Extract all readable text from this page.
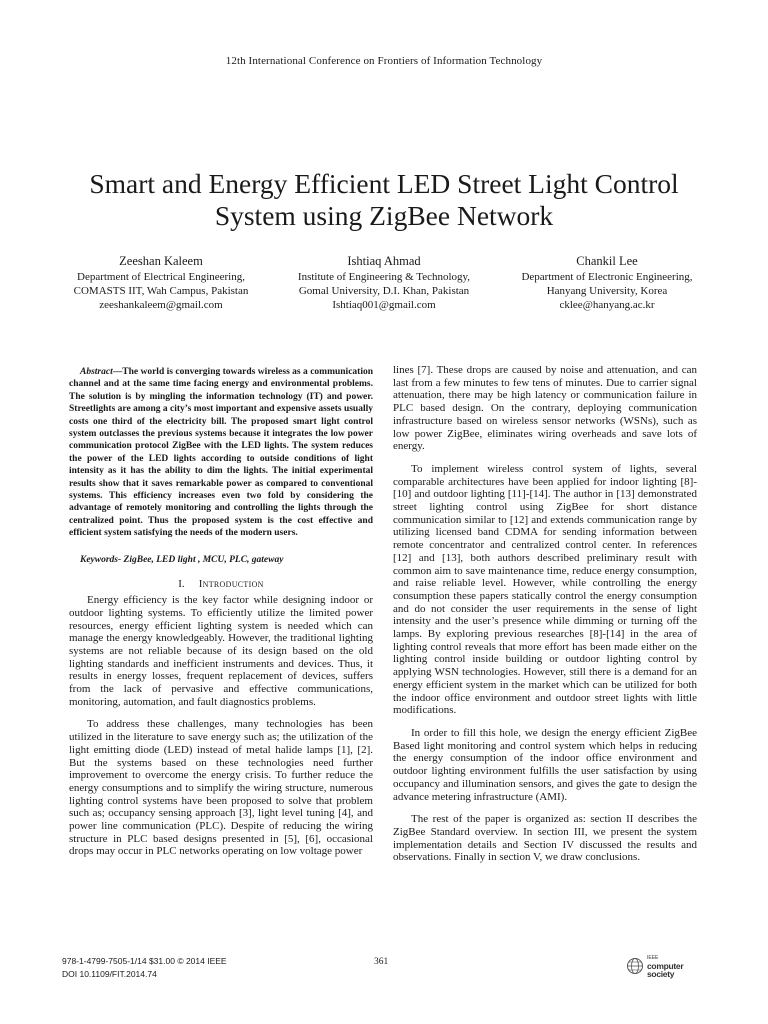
12th International Conference on Frontiers of Information Technology
Smart and Energy Efficient LED Street Light Control
System using ZigBee Network
Zeeshan Kaleem
Department of Electrical Engineering,
COMASTS IIT, Wah Campus, Pakistan
zeeshankaleem@gmail.com
Ishtiaq Ahmad
Institute of Engineering & Technology,
Gomal University, D.I. Khan, Pakistan
Ishtiaq001@gmail.com
Chankil Lee
Department of Electronic Engineering,
Hanyang University, Korea
cklee@hanyang.ac.kr

Abstract—The world is converging towards wireless as a communication channel and at the same time facing energy and environmental problems. The solution is by mingling the information technology (IT) and power. Streetlights are among a city’s most important and expensive assets usually costs one third of the electricity bill. The proposed smart light control system outclasses the previous systems because it integrates the low power communication protocol ZigBee with the LED lights. The system reduces the power of the LED lights according to outside conditions of light intensity as it has the ability to dim the lights. The initial experimental results show that it saves remarkable power as compared to conventional systems. This efficiency increases even two fold by considering the advantage of remotely monitoring and controlling the lights through the centralized point. Thus the proposed system is the cost effective and efficient system satisfying the needs of the modern users.

Keywords- ZigBee, LED light , MCU, PLC, gateway

I. Introduction

Energy efficiency is the key factor while designing indoor or outdoor lighting systems. To efficiently utilize the limited power resources, energy efficient lighting system is needed which can manage the energy knowledgeably. However, the traditional lighting systems are not reliable because of its design based on the old lighting standards and inefficient instruments and devices. Thus, it results in energy losses, frequent replacement of devices, suffers from the lack of pervasive and effective communications, monitoring, automation, and fault diagnostics problems.

To address these challenges, many technologies has been utilized in the literature to save energy such as; the utilization of the light emitting diode (LED) instead of metal halide lamps [1], [2]. But the systems based on these technologies need further improvement to overcome the energy crisis. To further reduce the energy consumptions and to simplify the wiring structure, numerous lighting control systems have been proposed to solve that problem such as; occupancy sensing approach [3], light level tuning [4], and power line communication (PLC). Despite of reducing the wiring structure in PLC based designs presented in [5], [6], occasional drops may occur in PLC networks operating on low voltage power

lines [7]. These drops are caused by noise and attenuation, and can last from a few minutes to few tens of minutes. Due to carrier signal attenuation, there may be high latency or communication failure in PLC based design. On the contrary, deploying communication infrastructure based on wireless sensor networks (WSNs), such as low power ZigBee, eliminates wiring overheads and save lots of energy.

To implement wireless control system of lights, several comparable architectures have been applied for indoor lighting [8]-[10] and outdoor lighting [11]-[14]. The author in [13] demonstrated street lighting control using ZigBee for short distance communication similar to [12] and extends communication range by utilizing licensed band CDMA for sending information between remote concentrator and centralized control center. In references [12] and [13], both authors described preliminary result with common aim to save maintenance time, reduce energy consumption, and raise reliable level. However, while controlling the energy consumption these papers statically control the energy consumption and do not consider the user requirements in the sense of light intensity and the user’s presence while dimming or turning off the lamps. By exploring previous researches [8]-[14] in the area of lighting control reveals that more effort has been made either on the lighting control inside building or outdoor lighting control by applying WSN technologies. However, still there is a demand for an energy efficient system in the market which can be utilized for both the indoor office environment and outdoor street lights with little modifications.

In order to fill this hole, we design the energy efficient ZigBee Based light monitoring and control system which helps in reducing the energy consumption of the indoor office environment and outdoor lighting environment fulfills the user satisfaction by using occupancy and illumination sensors, and gives the gate to design the advance metering infrastructure (AMI).

The rest of the paper is organized as: section II describes the ZigBee Standard overview. In section III, we present the system implementation details and Section IV discussed the results and observations. Finally in section V, we draw conclusions.

978-1-4799-7505-1/14 $31.00 © 2014 IEEE
DOI 10.1109/FIT.2014.74
361	IEEE
computer
society
